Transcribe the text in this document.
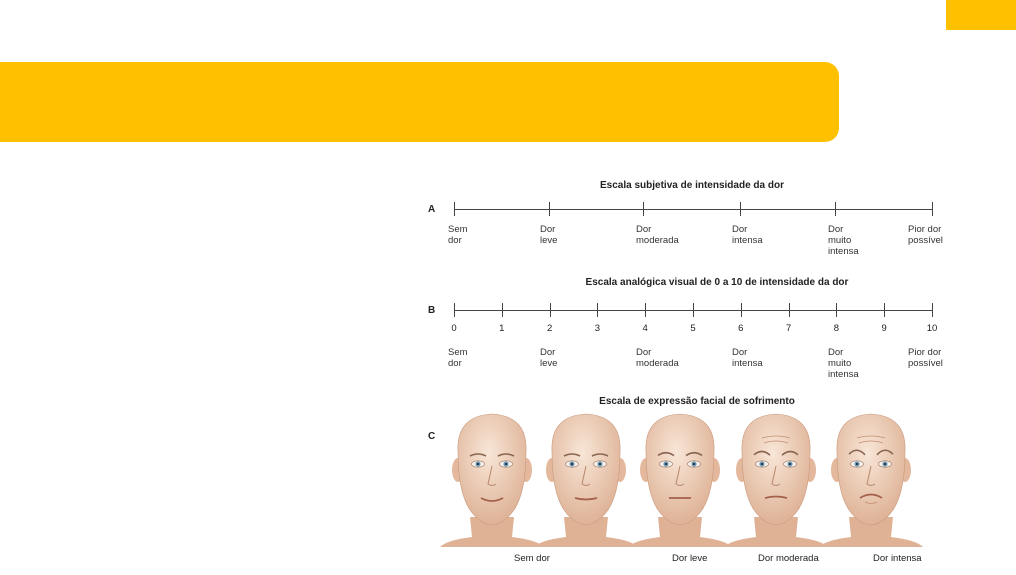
Escala subjetiva de intensidade da dor
A
Sem
dor
Dor
leve
Dor
moderada
Dor
intensa
Dor
muito
intensa
Pior dor
possível
Escala analógica visual de 0 a 10 de intensidade da dor
B
0	1	2	3	4	5	6	7	8	9	10
Sem
dor
Dor
leve
Dor
moderada
Dor
intensa
Dor
muito
intensa
Pior dor
possível
Escala de expressão facial de sofrimento
C
Sem dor	Dor leve	Dor moderada	Dor intensa
